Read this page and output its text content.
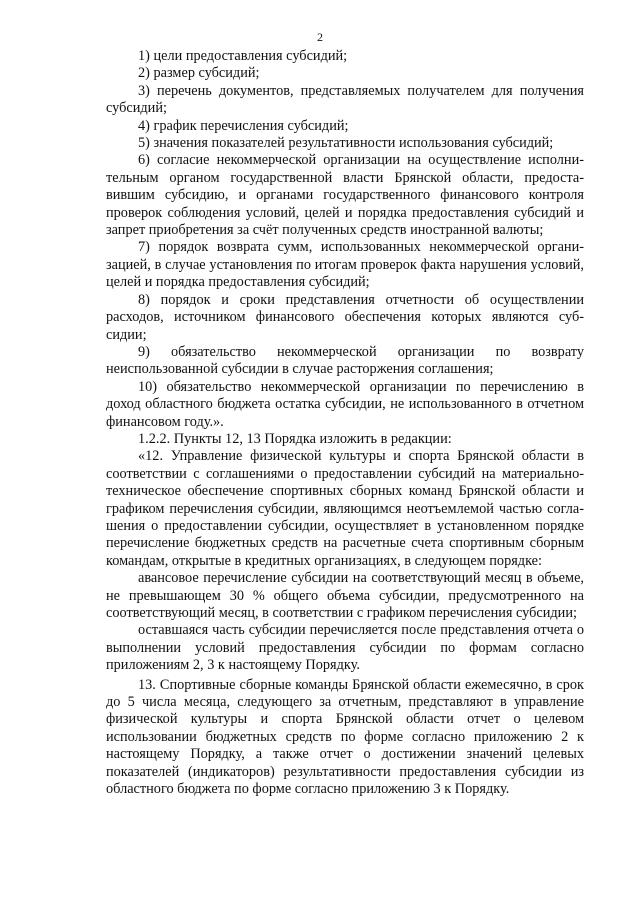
2

1) цели предоставления субсидий;

2) размер субсидий;

3) перечень документов, представляемых получателем для получения субсидий;

4) график перечисления субсидий;

5) значения показателей результативности использования субсидий;

6) согласие некоммерческой организации на осуществление исполни-тельным органом государственной власти Брянской области, предоста-вившим субсидию, и органами государственного финансового контроля проверок соблюдения условий, целей и порядка предоставления субсидий и запрет приобретения за счёт полученных средств иностранной валюты;

7) порядок возврата сумм, использованных некоммерческой органи-зацией, в случае установления по итогам проверок факта нарушения условий, целей и порядка предоставления субсидий;

8) порядок и сроки представления отчетности об осуществлении расходов, источником финансового обеспечения которых являются суб-сидии;

9) обязательство некоммерческой организации по возврату неиспользованной субсидии в случае расторжения соглашения;

10) обязательство некоммерческой организации по перечислению в доход областного бюджета остатка субсидии, не использованного в отчетном финансовом году.».

1.2.2. Пункты 12, 13 Порядка изложить в редакции:

«12. Управление физической культуры и спорта Брянской области в соответствии с соглашениями о предоставлении субсидий на материально-техническое обеспечение спортивных сборных команд Брянской области и графиком перечисления субсидии, являющимся неотъемлемой частью согла-шения о предоставлении субсидии, осуществляет в установленном порядке перечисление бюджетных средств на расчетные счета спортивным сборным командам, открытые в кредитных организациях, в следующем порядке:

авансовое перечисление субсидии на соответствующий месяц в объеме, не превышающем 30 % общего объема субсидии, предусмотренного на соответствующий месяц, в соответствии с графиком перечисления субсидии;

оставшаяся часть субсидии перечисляется после представления отчета о выполнении условий предоставления субсидии по формам согласно приложениям 2, 3 к настоящему Порядку.

13. Спортивные сборные команды Брянской области ежемесячно, в срок до 5 числа месяца, следующего за отчетным, представляют в управление физической культуры и спорта Брянской области отчет о целевом использовании бюджетных средств по форме согласно приложению 2 к настоящему Порядку, а также отчет о достижении значений целевых показателей (индикаторов) результативности предоставления субсидии из областного бюджета по форме согласно приложению 3 к Порядку.
